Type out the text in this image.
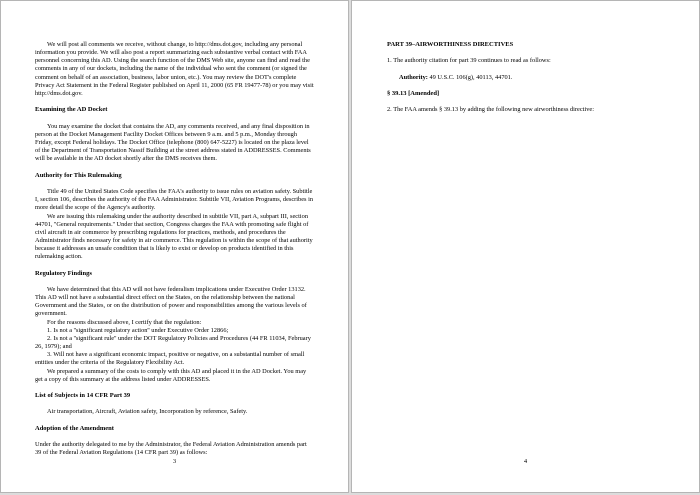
We will post all comments we receive, without change, to http://dms.dot.gov, including any personal information you provide. We will also post a report summarizing each substantive verbal contact with FAA personnel concerning this AD. Using the search function of the DMS Web site, anyone can find and read the comments in any of our dockets, including the name of the individual who sent the comment (or signed the comment on behalf of an association, business, labor union, etc.). You may review the DOT's complete Privacy Act Statement in the Federal Register published on April 11, 2000 (65 FR 19477-78) or you may visit http://dms.dot.gov.

Examining the AD Docket

You may examine the docket that contains the AD, any comments received, and any final disposition in person at the Docket Management Facility Docket Offices between 9 a.m. and 5 p.m., Monday through Friday, except Federal holidays. The Docket Office (telephone (800) 647-5227) is located on the plaza level of the Department of Transportation Nassif Building at the street address stated in ADDRESSES. Comments will be available in the AD docket shortly after the DMS receives them.

Authority for This Rulemaking

Title 49 of the United States Code specifies the FAA's authority to issue rules on aviation safety. Subtitle I, section 106, describes the authority of the FAA Administrator. Subtitle VII, Aviation Programs, describes in more detail the scope of the Agency's authority.

We are issuing this rulemaking under the authority described in subtitle VII, part A, subpart III, section 44701, ''General requirements.'' Under that section, Congress charges the FAA with promoting safe flight of civil aircraft in air commerce by prescribing regulations for practices, methods, and procedures the Administrator finds necessary for safety in air commerce. This regulation is within the scope of that authority because it addresses an unsafe condition that is likely to exist or develop on products identified in this rulemaking action.

Regulatory Findings

We have determined that this AD will not have federalism implications under Executive Order 13132. This AD will not have a substantial direct effect on the States, on the relationship between the national Government and the States, or on the distribution of power and responsibilities among the various levels of government.

For the reasons discussed above, I certify that the regulation:

1. Is not a ''significant regulatory action'' under Executive Order 12866;

2. Is not a ''significant rule'' under the DOT Regulatory Policies and Procedures (44 FR 11034, February 26, 1979); and

3. Will not have a significant economic impact, positive or negative, on a substantial number of small entities under the criteria of the Regulatory Flexibility Act.

We prepared a summary of the costs to comply with this AD and placed it in the AD Docket. You may get a copy of this summary at the address listed under ADDRESSES.

List of Subjects in 14 CFR Part 39

Air transportation, Aircraft, Aviation safety, Incorporation by reference, Safety.

Adoption of the Amendment

Under the authority delegated to me by the Administrator, the Federal Aviation Administration amends part 39 of the Federal Aviation Regulations (14 CFR part 39) as follows:

3
PART 39–AIRWORTHINESS DIRECTIVES

1. The authority citation for part 39 continues to read as follows:

Authority: 49 U.S.C. 106(g), 40113, 44701.

§ 39.13 [Amended]

2. The FAA amends § 39.13 by adding the following new airworthiness directive:

4
